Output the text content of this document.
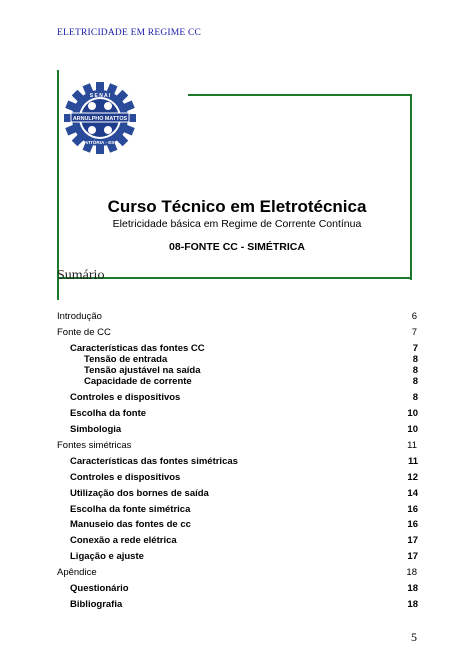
ELETRICIDADE EM REGIME CC
S E N A I
ARNULPHO MATTOS
VITÓRIA - ES
Curso Técnico em Eletrotécnica
Eletricidade básica em Regime de Corrente Contínua
08-FONTE CC - SIMÉTRICA
Sumário
Introdução	6
Fonte de CC	7
Características das fontes CC	7
Tensão de entrada	8
Tensão ajustável na saída	8
Capacidade de corrente	8
Controles e dispositivos	8
Escolha da fonte	10
Simbologia	10
Fontes simétricas	11
Características das fontes simétricas	11
Controles e dispositivos	12
Utilização dos bornes de saída	14
Escolha da fonte simétrica	16
Manuseio das fontes de cc	16
Conexão a rede elétrica	17
Ligação e ajuste	17
Apêndice	18
Questionário	18
Bibliografia	18
5
